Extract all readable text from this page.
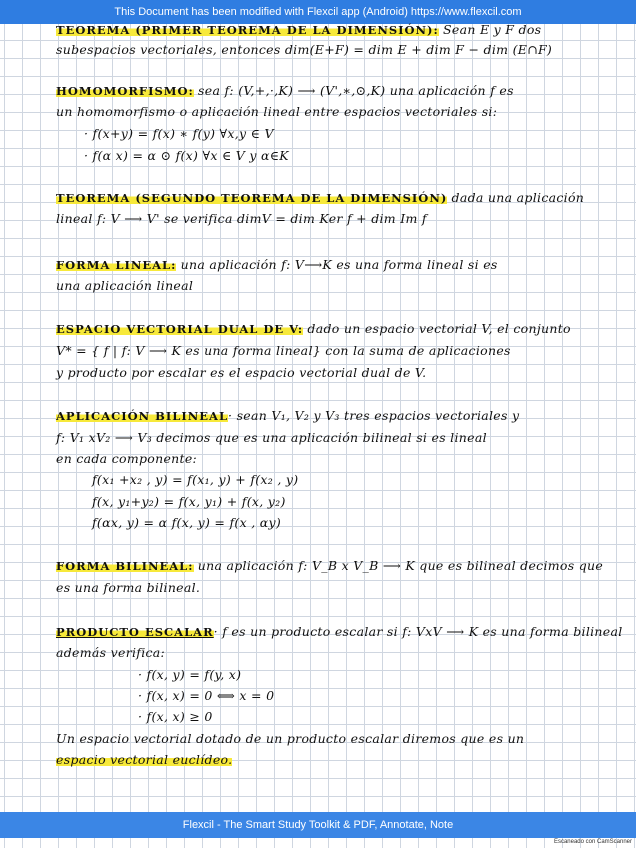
This Document has been modified with Flexcil app (Android) https://www.flexcil.com
TEOREMA (PRIMER TEOREMA DE LA DIMENSIÓN): Sean E y F dos
subespacios vectoriales, entonces dim(E+F) = dim E + dim F − dim (E∩F)
HOMOMORFISMO: sea f: (V,+,·,K) ⟶ (V',∗,⊙,K) una aplicación f es
un homomorfismo o aplicación lineal entre espacios vectoriales si:
· f(x+y) = f(x) ∗ f(y) ∀x,y ∈ V
· f(α x) = α ⊙ f(x) ∀x ∈ V y α∈K
TEOREMA (SEGUNDO TEOREMA DE LA DIMENSIÓN) dada una aplicación
lineal f: V ⟶ V' se verifica dimV = dim Ker f + dim Im f
FORMA LINEAL: una aplicación f: V⟶K es una forma lineal si es
una aplicación lineal
ESPACIO VECTORIAL DUAL DE V: dado un espacio vectorial V, el conjunto
V* = { f | f: V ⟶ K es una forma lineal} con la suma de aplicaciones
y producto por escalar es el espacio vectorial dual de V.
APLICACIÓN BILINEAL· sean V₁, V₂ y V₃ tres espacios vectoriales y
f: V₁ xV₂ ⟶ V₃ decimos que es una aplicación bilineal si es lineal
en cada componente:
f(x₁ +x₂ , y) = f(x₁, y) + f(x₂ , y)
f(x, y₁+y₂) = f(x, y₁) + f(x, y₂)
f(αx, y) = α f(x, y) = f(x , αy)
FORMA BILINEAL: una aplicación f: V_B x V_B ⟶ K que es bilineal decimos que
es una forma bilineal.
PRODUCTO ESCALAR· f es un producto escalar si f: VxV ⟶ K es una forma bilineal
además verifica:
· f(x, y) = f(y, x)
· f(x, x) = 0 ⟺ x = 0
· f(x, x) ≥ 0
Un espacio vectorial dotado de un producto escalar diremos que es un
espacio vectorial euclídeo.
Flexcil - The Smart Study Toolkit & PDF, Annotate, Note
Escaneado con CamScanner
